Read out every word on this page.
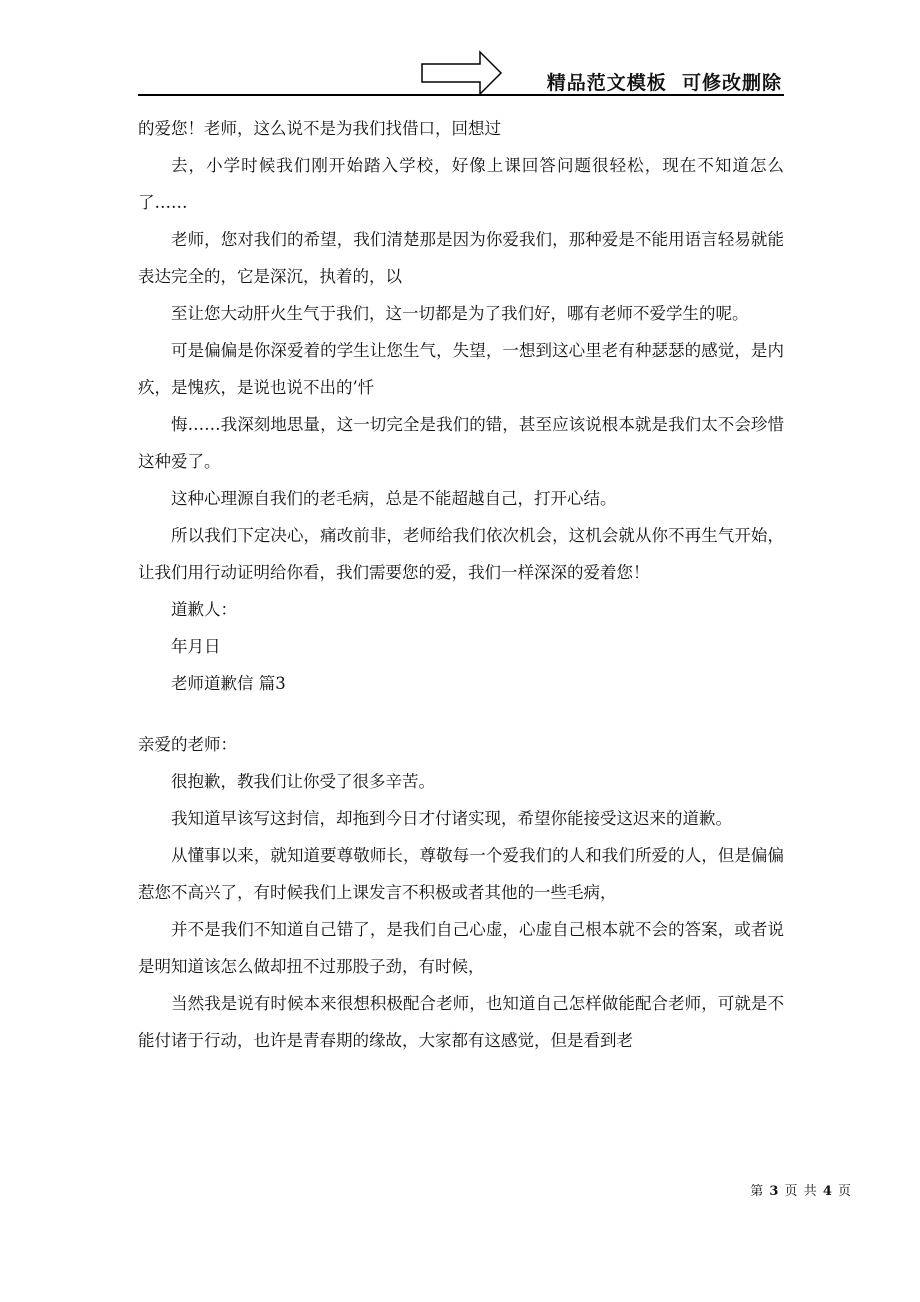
精品范文模板  可修改删除

的爱您！老师，这么说不是为我们找借口，回想过

去，小学时候我们刚开始踏入学校，好像上课回答问题很轻松，现在不知道怎么了……

老师，您对我们的希望，我们清楚那是因为你爱我们，那种爱是不能用语言轻易就能表达完全的，它是深沉，执着的，以

至让您大动肝火生气于我们，这一切都是为了我们好，哪有老师不爱学生的呢。

可是偏偏是你深爱着的学生让您生气，失望，一想到这心里老有种瑟瑟的感觉，是内疚，是愧疚，是说也说不出的’忏

悔……我深刻地思量，这一切完全是我们的错，甚至应该说根本就是我们太不会珍惜这种爱了。

这种心理源自我们的老毛病，总是不能超越自己，打开心结。

所以我们下定决心，痛改前非，老师给我们依次机会，这机会就从你不再生气开始，让我们用行动证明给你看，我们需要您的爱，我们一样深深的爱着您！

道歉人：

年月日

老师道歉信 篇3

亲爱的老师：

很抱歉，教我们让你受了很多辛苦。

我知道早该写这封信，却拖到今日才付诸实现，希望你能接受这迟来的道歉。

从懂事以来，就知道要尊敬师长，尊敬每一个爱我们的人和我们所爱的人，但是偏偏惹您不高兴了，有时候我们上课发言不积极或者其他的一些毛病，

并不是我们不知道自己错了，是我们自己心虚，心虚自己根本就不会的答案，或者说是明知道该怎么做却扭不过那股子劲，有时候，

当然我是说有时候本来很想积极配合老师，也知道自己怎样做能配合老师，可就是不能付诸于行动，也许是青春期的缘故，大家都有这感觉，但是看到老

第 3 页 共 4 页
